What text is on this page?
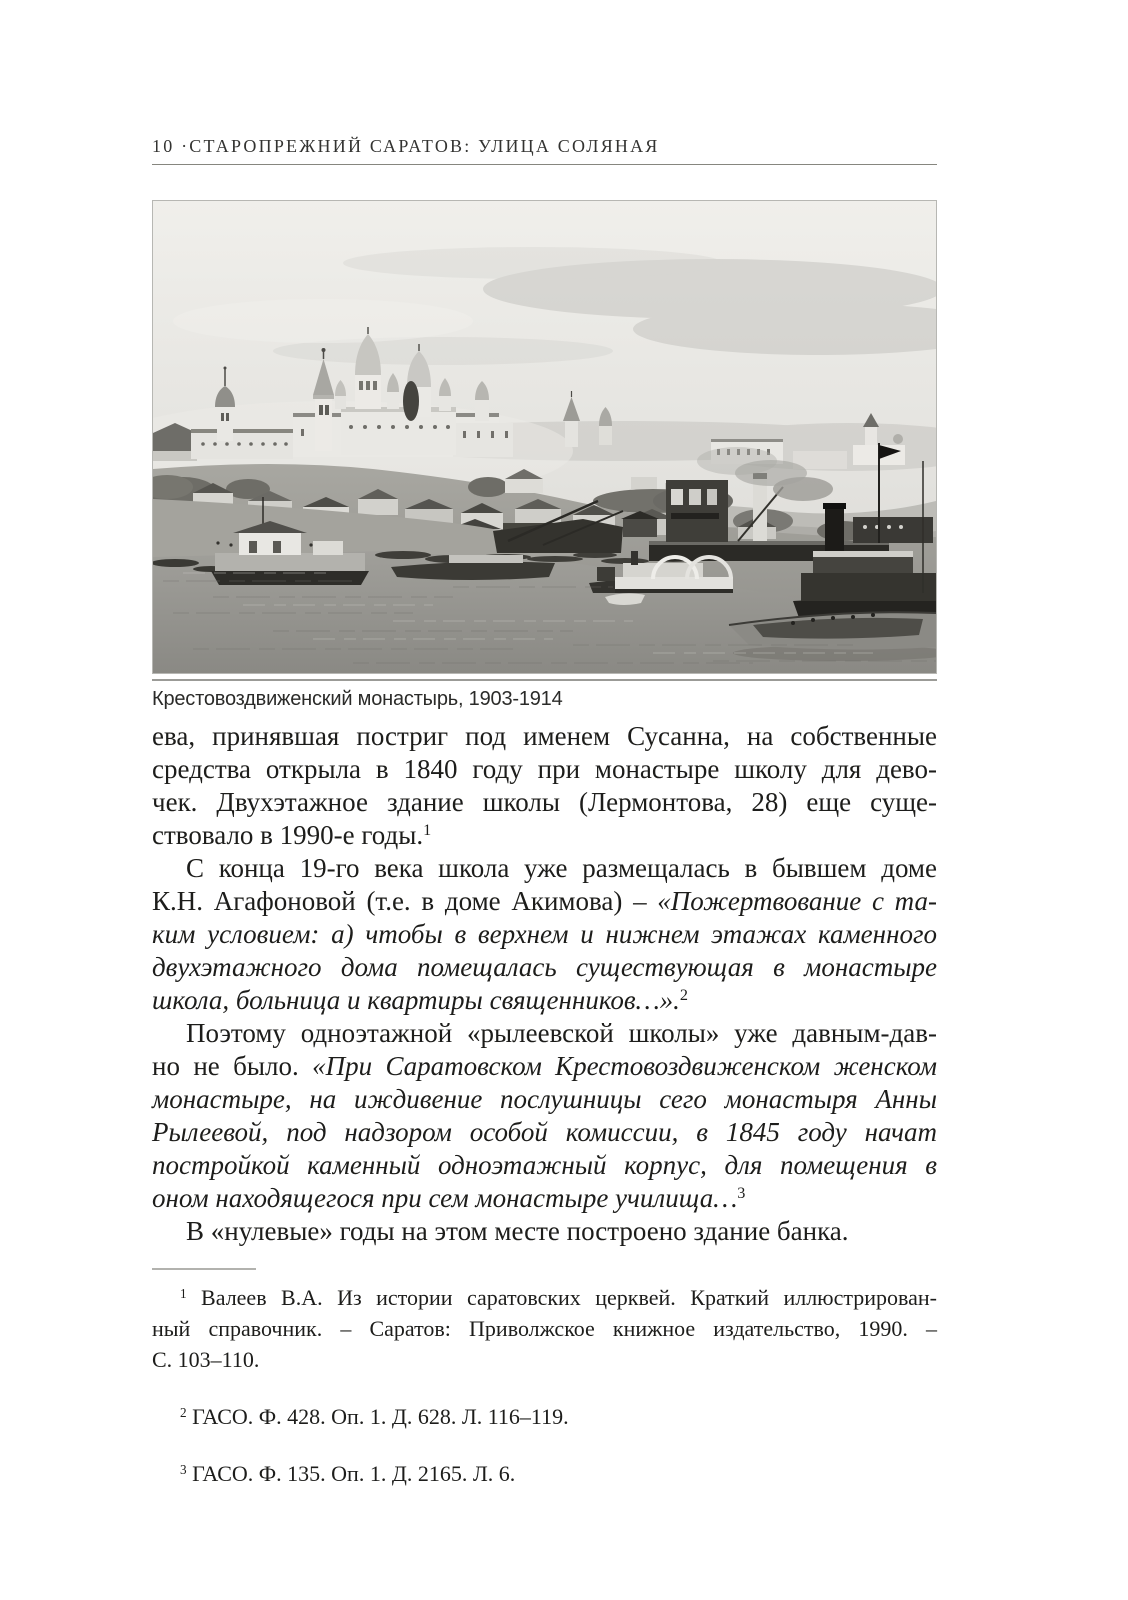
10 ·СТАРОПРЕЖНИЙ САРАТОВ: УЛИЦА СОЛЯНАЯ
Крестовоздвиженский монастырь, 1903-1914
ева, принявшая постриг под именем Сусанна, на собственные
средства открыла в 1840 году при монастыре школу для дево-
чек. Двухэтажное здание школы (Лермонтова, 28) еще суще-
ствовало в 1990-е годы.$^1$
С конца 19-го века школа уже размещалась в бывшем доме
К.Н. Агафоновой (т.е. в доме Акимова) – «Пожертвование с та-
ким условием: а) чтобы в верхнем и нижнем этажах каменного
двухэтажного дома помещалась существующая в монастыре
школа, больница и квартиры священников…».$^2$
Поэтому одноэтажной «рылеевской школы» уже давным-дав-
но не было. «При Саратовском Крестовоздвиженском женском
монастыре, на иждивение послушницы сего монастыря Анны
Рылеевой, под надзором особой комиссии, в 1845 году начат
постройкой каменный одноэтажный корпус, для помещения в
оном находящегося при сем монастыре училища…$^3$
В «нулевые» годы на этом месте построено здание банка.
$^1$ Валеев В.А. Из истории саратовских церквей. Краткий иллюстрирован-
ный справочник. – Саратов: Приволжское книжное издательство, 1990. –
С. 103–110.
$^2$ ГАСО. Ф. 428. Оп. 1. Д. 628. Л. 116–119.
$^3$ ГАСО. Ф. 135. Оп. 1. Д. 2165. Л. 6.
